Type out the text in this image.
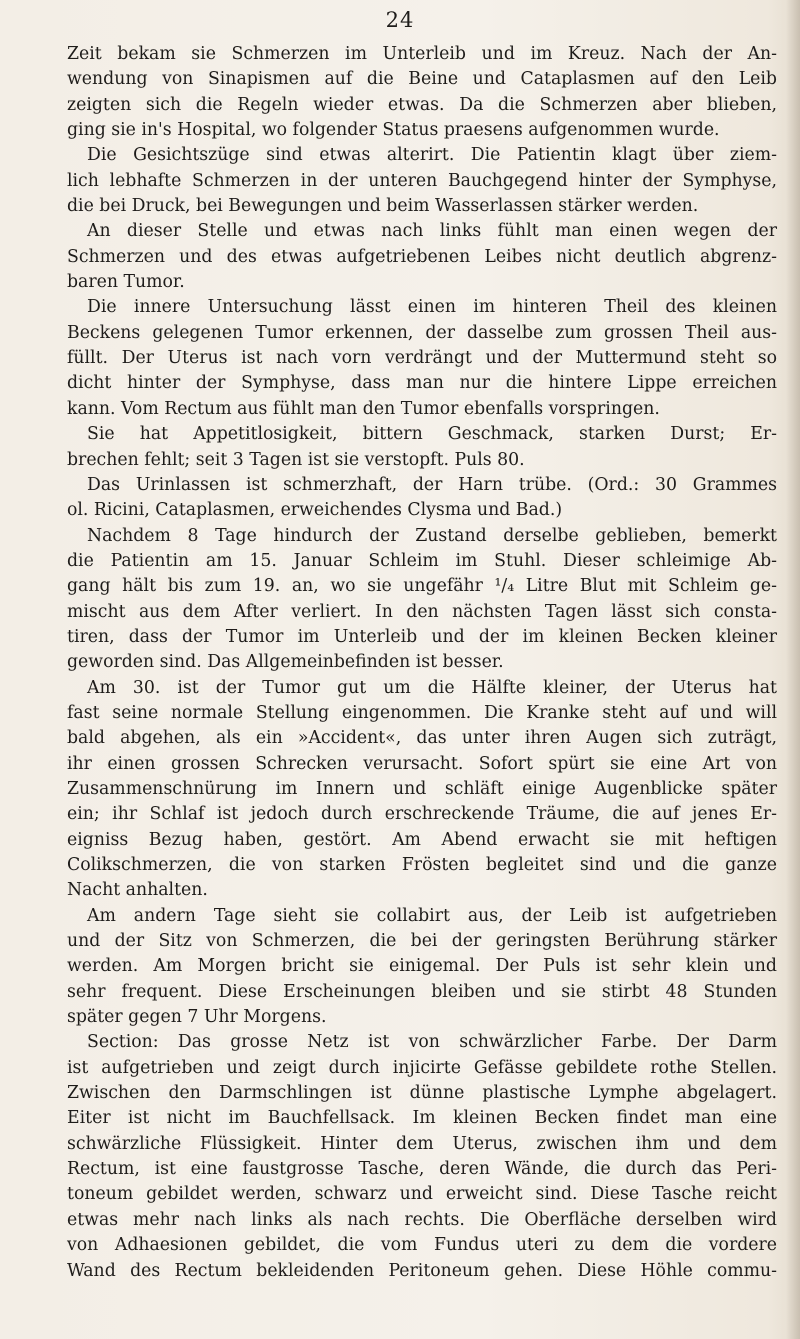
24
Zeit bekam sie Schmerzen im Unterleib und im Kreuz. Nach der An-
wendung von Sinapismen auf die Beine und Cataplasmen auf den Leib
zeigten sich die Regeln wieder etwas. Da die Schmerzen aber blieben,
ging sie in's Hospital, wo folgender Status praesens aufgenommen wurde.
Die Gesichtszüge sind etwas alterirt. Die Patientin klagt über ziem-
lich lebhafte Schmerzen in der unteren Bauchgegend hinter der Symphyse,
die bei Druck, bei Bewegungen und beim Wasserlassen stärker werden.
An dieser Stelle und etwas nach links fühlt man einen wegen der
Schmerzen und des etwas aufgetriebenen Leibes nicht deutlich abgrenz-
baren Tumor.
Die innere Untersuchung lässt einen im hinteren Theil des kleinen
Beckens gelegenen Tumor erkennen, der dasselbe zum grossen Theil aus-
füllt. Der Uterus ist nach vorn verdrängt und der Muttermund steht so
dicht hinter der Symphyse, dass man nur die hintere Lippe erreichen
kann. Vom Rectum aus fühlt man den Tumor ebenfalls vorspringen.
Sie hat Appetitlosigkeit, bittern Geschmack, starken Durst; Er-
brechen fehlt; seit 3 Tagen ist sie verstopft. Puls 80.
Das Urinlassen ist schmerzhaft, der Harn trübe. (Ord.: 30 Grammes
ol. Ricini, Cataplasmen, erweichendes Clysma und Bad.)
Nachdem 8 Tage hindurch der Zustand derselbe geblieben, bemerkt
die Patientin am 15. Januar Schleim im Stuhl. Dieser schleimige Ab-
gang hält bis zum 19. an, wo sie ungefähr ¹/₄ Litre Blut mit Schleim ge-
mischt aus dem After verliert. In den nächsten Tagen lässt sich consta-
tiren, dass der Tumor im Unterleib und der im kleinen Becken kleiner
geworden sind. Das Allgemeinbefinden ist besser.
Am 30. ist der Tumor gut um die Hälfte kleiner, der Uterus hat
fast seine normale Stellung eingenommen. Die Kranke steht auf und will
bald abgehen, als ein »Accident«, das unter ihren Augen sich zuträgt,
ihr einen grossen Schrecken verursacht. Sofort spürt sie eine Art von
Zusammenschnürung im Innern und schläft einige Augenblicke später
ein; ihr Schlaf ist jedoch durch erschreckende Träume, die auf jenes Er-
eigniss Bezug haben, gestört. Am Abend erwacht sie mit heftigen
Colikschmerzen, die von starken Frösten begleitet sind und die ganze
Nacht anhalten.
Am andern Tage sieht sie collabirt aus, der Leib ist aufgetrieben
und der Sitz von Schmerzen, die bei der geringsten Berührung stärker
werden. Am Morgen bricht sie einigemal. Der Puls ist sehr klein und
sehr frequent. Diese Erscheinungen bleiben und sie stirbt 48 Stunden
später gegen 7 Uhr Morgens.
Section: Das grosse Netz ist von schwärzlicher Farbe. Der Darm
ist aufgetrieben und zeigt durch injicirte Gefässe gebildete rothe Stellen.
Zwischen den Darmschlingen ist dünne plastische Lymphe abgelagert.
Eiter ist nicht im Bauchfellsack. Im kleinen Becken findet man eine
schwärzliche Flüssigkeit. Hinter dem Uterus, zwischen ihm und dem
Rectum, ist eine faustgrosse Tasche, deren Wände, die durch das Peri-
toneum gebildet werden, schwarz und erweicht sind. Diese Tasche reicht
etwas mehr nach links als nach rechts. Die Oberfläche derselben wird
von Adhaesionen gebildet, die vom Fundus uteri zu dem die vordere
Wand des Rectum bekleidenden Peritoneum gehen. Diese Höhle commu-
